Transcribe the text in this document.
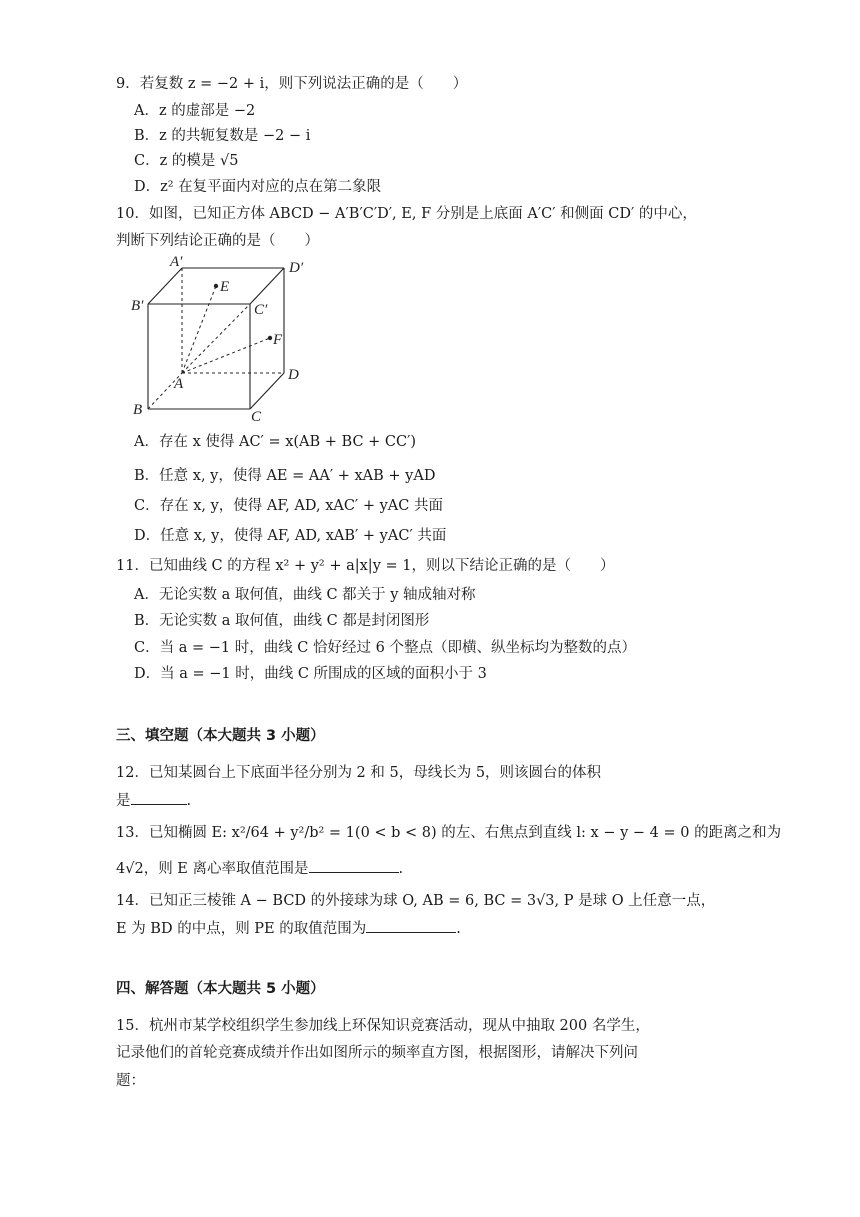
9．若复数 z = −2 + i，则下列说法正确的是（　　）
A．z 的虚部是 −2
B．z 的共轭复数是 −2 − i
C．z 的模是 √5
D．z² 在复平面内对应的点在第二象限
10．如图，已知正方体 ABCD − A′B′C′D′, E, F 分别是上底面 A′C′ 和侧面 CD′ 的中心，
判断下列结论正确的是（　　）
A′	D′
B′	C′
E
F
A
D
B	C
A．存在 x 使得 AC′ = x(AB + BC + CC′)
B．任意 x, y，使得 AE = AA′ + xAB + yAD
C．存在 x, y，使得 AF, AD, xAC′ + yAC 共面
D．任意 x, y，使得 AF, AD, xAB′ + yAC′ 共面
11．已知曲线 C 的方程 x² + y² + a|x|y = 1，则以下结论正确的是（　　）
A．无论实数 a 取何值，曲线 C 都关于 y 轴成轴对称
B．无论实数 a 取何值，曲线 C 都是封闭图形
C．当 a = −1 时，曲线 C 恰好经过 6 个整点（即横、纵坐标均为整数的点）
D．当 a = −1 时，曲线 C 所围成的区域的面积小于 3
三、填空题（本大题共 3 小题）
12．已知某圆台上下底面半径分别为 2 和 5，母线长为 5，则该圆台的体积
是	.
13．已知椭圆 E: x²/64 + y²/b² = 1(0 < b < 8) 的左、右焦点到直线 l: x − y − 4 = 0 的距离之和为
4√2，则 E 离心率取值范围是	.
14．已知正三棱锥 A − BCD 的外接球为球 O, AB = 6, BC = 3√3, P 是球 O 上任意一点，
E 为 BD 的中点，则 PE 的取值范围为	.
四、解答题（本大题共 5 小题）
15．杭州市某学校组织学生参加线上环保知识竞赛活动，现从中抽取 200 名学生，
记录他们的首轮竞赛成绩并作出如图所示的频率直方图，根据图形，请解决下列问
题：
